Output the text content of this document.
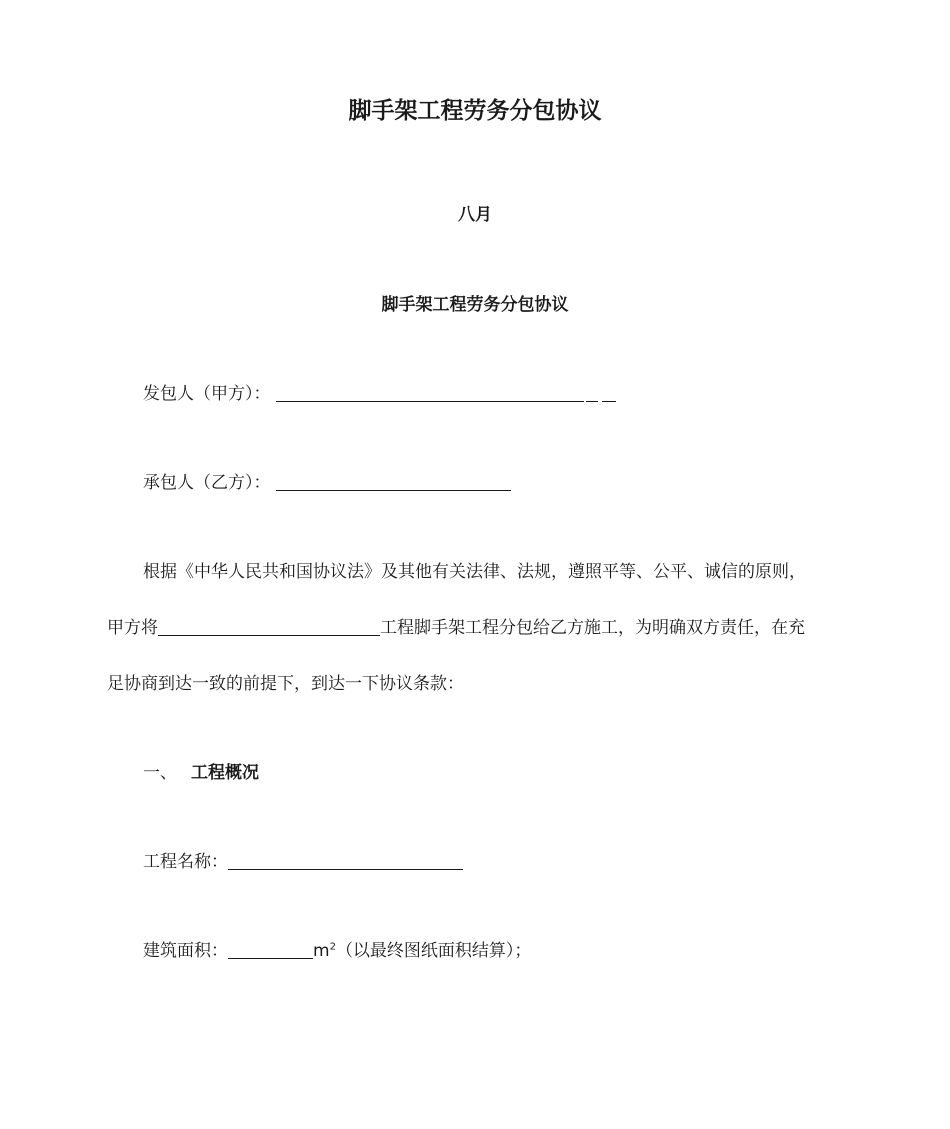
脚手架工程劳务分包协议
八月
脚手架工程劳务分包协议
发包人（甲方）：
承包人（乙方）：
根据《中华人民共和国协议法》及其他有关法律、法规，遵照平等、公平、诚信的原则，
甲方将	工程脚手架工程分包给乙方施工，为明确双方责任，在充
足协商到达一致的前提下，到达一下协议条款：
一、 工程概况
工程名称：
建筑面积：	$m^2$（以最终图纸面积结算）；
